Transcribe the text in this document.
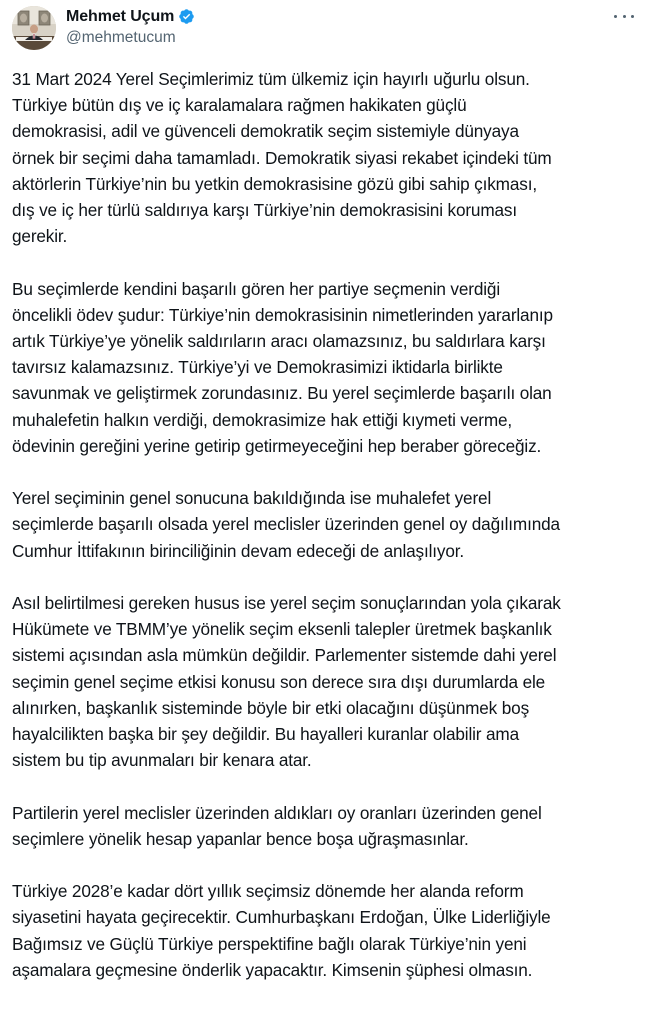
Mehmet Uçum
@mehmetucum

31 Mart 2024 Yerel Seçimlerimiz tüm ülkemiz için hayırlı uğurlu olsun.
Türkiye bütün dış ve iç karalamalara rağmen hakikaten güçlü
demokrasisi, adil ve güvenceli demokratik seçim sistemiyle dünyaya
örnek bir seçimi daha tamamladı. Demokratik siyasi rekabet içindeki tüm
aktörlerin Türkiye’nin bu yetkin demokrasisine gözü gibi sahip çıkması,
dış ve iç her türlü saldırıya karşı Türkiye’nin demokrasisini koruması
gerekir.

Bu seçimlerde kendini başarılı gören her partiye seçmenin verdiği
öncelikli ödev şudur: Türkiye’nin demokrasisinin nimetlerinden yararlanıp
artık Türkiye’ye yönelik saldırıların aracı olamazsınız, bu saldırlara karşı
tavırsız kalamazsınız. Türkiye’yi ve Demokrasimizi iktidarla birlikte
savunmak ve geliştirmek zorundasınız. Bu yerel seçimlerde başarılı olan
muhalefetin halkın verdiği, demokrasimize hak ettiği kıymeti verme,
ödevinin gereğini yerine getirip getirmeyeceğini hep beraber göreceğiz.

Yerel seçiminin genel sonucuna bakıldığında ise muhalefet yerel
seçimlerde başarılı olsada yerel meclisler üzerinden genel oy dağılımında
Cumhur İttifakının birinciliğinin devam edeceği de anlaşılıyor.

Asıl belirtilmesi gereken husus ise yerel seçim sonuçlarından yola çıkarak
Hükümete ve TBMM’ye yönelik seçim eksenli talepler üretmek başkanlık
sistemi açısından asla mümkün değildir. Parlementer sistemde dahi yerel
seçimin genel seçime etkisi konusu son derece sıra dışı durumlarda ele
alınırken, başkanlık sisteminde böyle bir etki olacağını düşünmek boş
hayalcilikten başka bir şey değildir. Bu hayalleri kuranlar olabilir ama
sistem bu tip avunmaları bir kenara atar.

Partilerin yerel meclisler üzerinden aldıkları oy oranları üzerinden genel
seçimlere yönelik hesap yapanlar bence boşa uğraşmasınlar.

Türkiye 2028’e kadar dört yıllık seçimsiz dönemde her alanda reform
siyasetini hayata geçirecektir. Cumhurbaşkanı Erdoğan, Ülke Liderliğiyle
Bağımsız ve Güçlü Türkiye perspektifine bağlı olarak Türkiye’nin yeni
aşamalara geçmesine önderlik yapacaktır. Kimsenin şüphesi olmasın.
